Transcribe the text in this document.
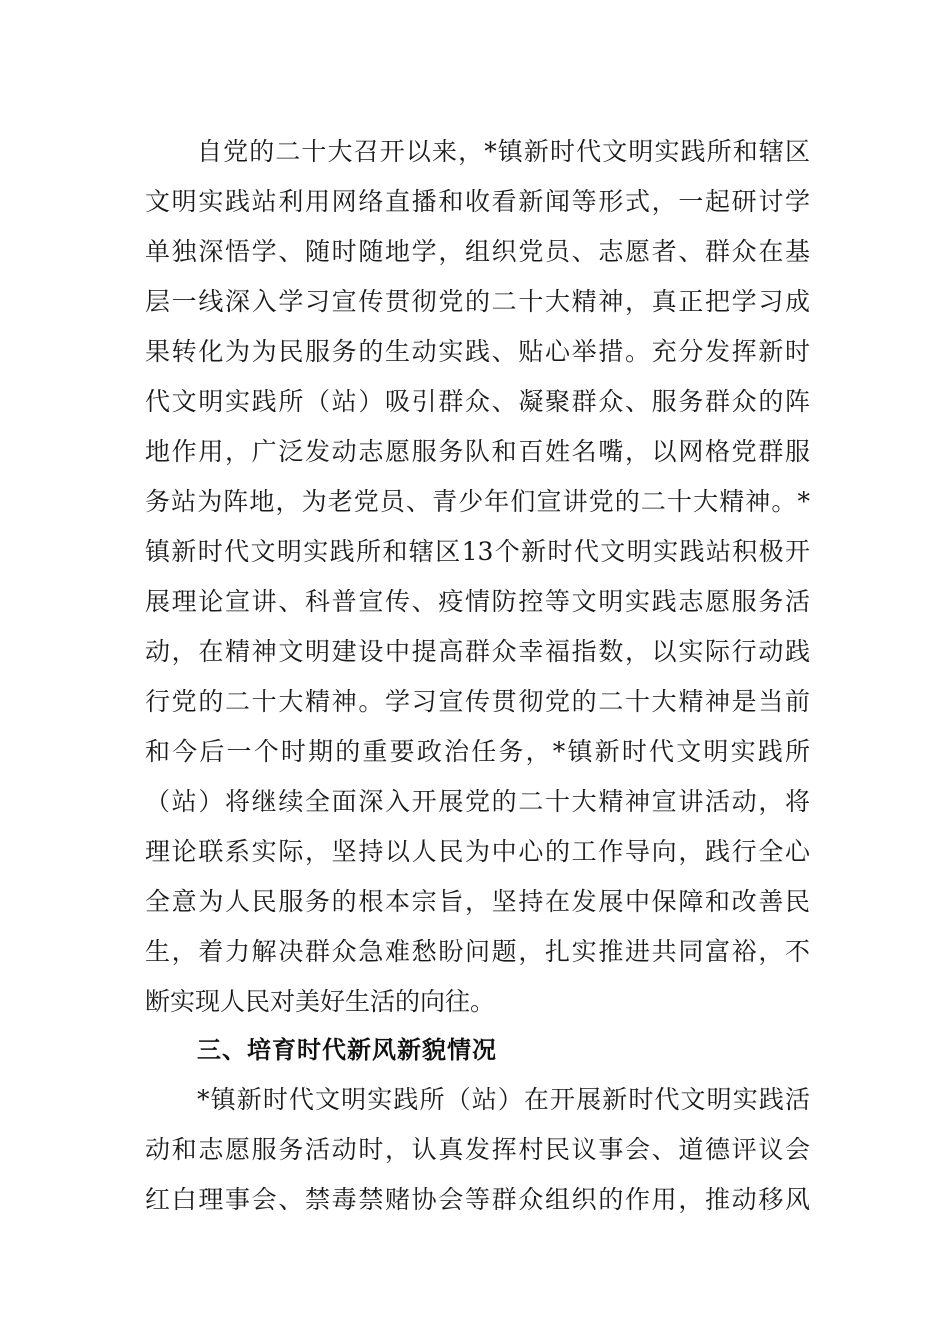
自党的二十大召开以来，*镇新时代文明实践所和辖区
文明实践站利用网络直播和收看新闻等形式，一起研讨学
单独深悟学、随时随地学，组织党员、志愿者、群众在基
层一线深入学习宣传贯彻党的二十大精神，真正把学习成
果转化为为民服务的生动实践、贴心举措。充分发挥新时
代文明实践所（站）吸引群众、凝聚群众、服务群众的阵
地作用，广泛发动志愿服务队和百姓名嘴，以网格党群服
务站为阵地，为老党员、青少年们宣讲党的二十大精神。*
镇新时代文明实践所和辖区13个新时代文明实践站积极开
展理论宣讲、科普宣传、疫情防控等文明实践志愿服务活
动，在精神文明建设中提高群众幸福指数，以实际行动践
行党的二十大精神。学习宣传贯彻党的二十大精神是当前
和今后一个时期的重要政治任务，*镇新时代文明实践所
（站）将继续全面深入开展党的二十大精神宣讲活动，将
理论联系实际，坚持以人民为中心的工作导向，践行全心
全意为人民服务的根本宗旨，坚持在发展中保障和改善民
生，着力解决群众急难愁盼问题，扎实推进共同富裕，不
断实现人民对美好生活的向往。
三、培育时代新风新貌情况
*镇新时代文明实践所（站）在开展新时代文明实践活
动和志愿服务活动时，认真发挥村民议事会、道德评议会
红白理事会、禁毒禁赌协会等群众组织的作用，推动移风
